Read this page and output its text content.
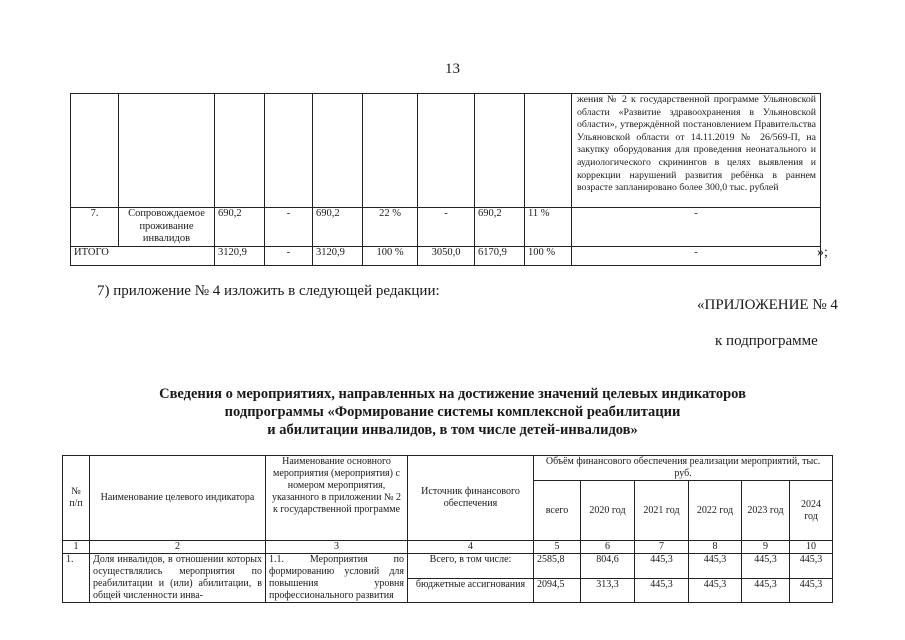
13
									жения № 2 к государственной программе Ульяновской области «Развитие здравоохранения в Ульяновской области», утверждённой постановлением Правительства Ульяновской области от 14.11.2019 № 26/569-П, на закупку оборудования для проведения неонатального и аудиологического скринингов в целях выявления и коррекции нарушений развития ребёнка в раннем возрасте запланировано более 300,0 тыс. рублей
7.	Сопровождаемое проживание инвалидов	690,2	-	690,2	22 %	-	690,2	11 %	-
ИТОГО		3120,9	-	3120,9	100 %	3050,0	6170,9	100 %	-	»;
7) приложение № 4 изложить в следующей редакции:
«ПРИЛОЖЕНИЕ № 4
к подпрограмме
Сведения о мероприятиях, направленных на достижение значений целевых индикаторов
подпрограммы «Формирование системы комплексной реабилитации
и абилитации инвалидов, в том числе детей-инвалидов»
№ п/п	Наименование целевого индикатора	Наименование основного мероприятия (мероприятия) с номером мероприятия, указанного в приложении № 2 к государственной программе	Источник финансового обеспечения	Объём финансового обеспечения реализации мероприятий, тыс. руб.					
				всего	2020 год	2021 год	2022 год	2023 год	2024 год
1	2	3	4	5	6	7	8	9	10
1.	Доля инвалидов, в отношении которых осуществлялись мероприятия по реабилитации и (или) абилитации, в общей численности инва-	1.1. Мероприятия по формированию условий для повышения уровня профессионального развития	Всего, в том числе:	2585,8	804,6	445,3	445,3	445,3	445,3
			бюджетные ассигнования	2094,5	313,3	445,3	445,3	445,3	445,3
